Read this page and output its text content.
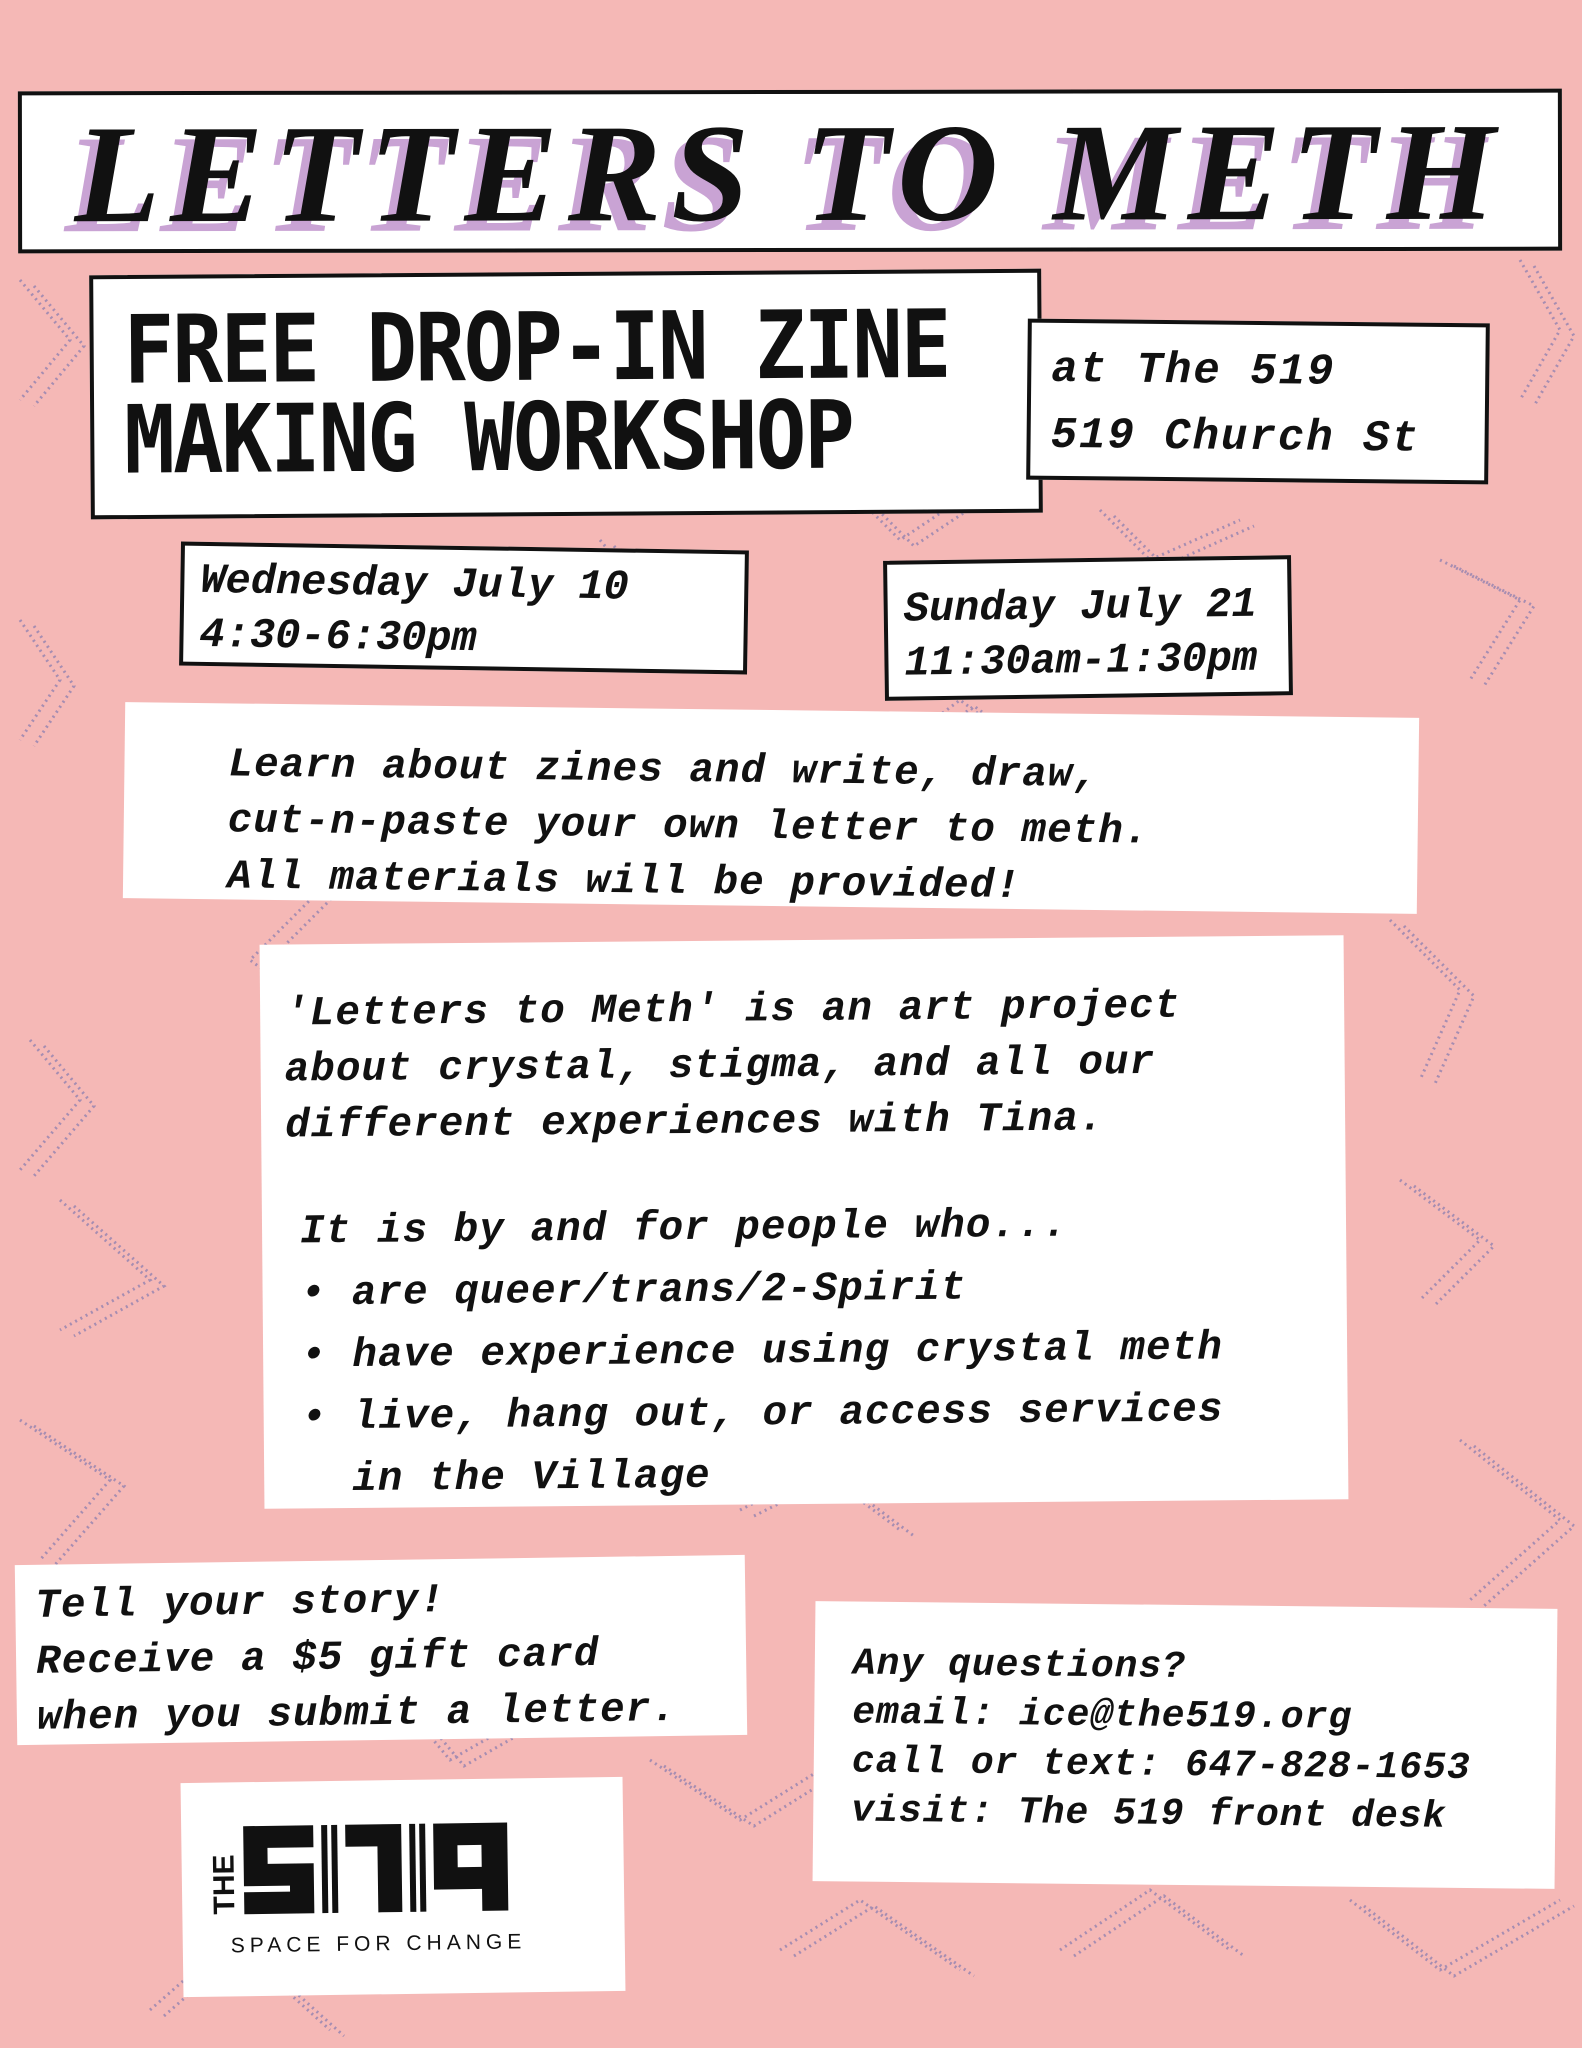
LETTERS TO METH
FREE DROP-IN ZINE
MAKING WORKSHOP
at The 519
519 Church St
Wednesday July 10
4:30-6:30pm
Sunday July 21
11:30am-1:30pm
Learn about zines and write, draw,
cut-n-paste your own letter to meth.
All materials will be provided!
'Letters to Meth' is an art project
about crystal, stigma, and all our
different experiences with Tina.
It is by and for people who...
• are queer/trans/2-Spirit
• have experience using crystal meth
• live, hang out, or access services
in the Village
Tell your story!
Receive a $5 gift card
when you submit a letter.
Any questions?
email: ice@the519.org
call or text: 647-828-1653
visit: The 519 front desk
THE
SPACE FOR CHANGE
